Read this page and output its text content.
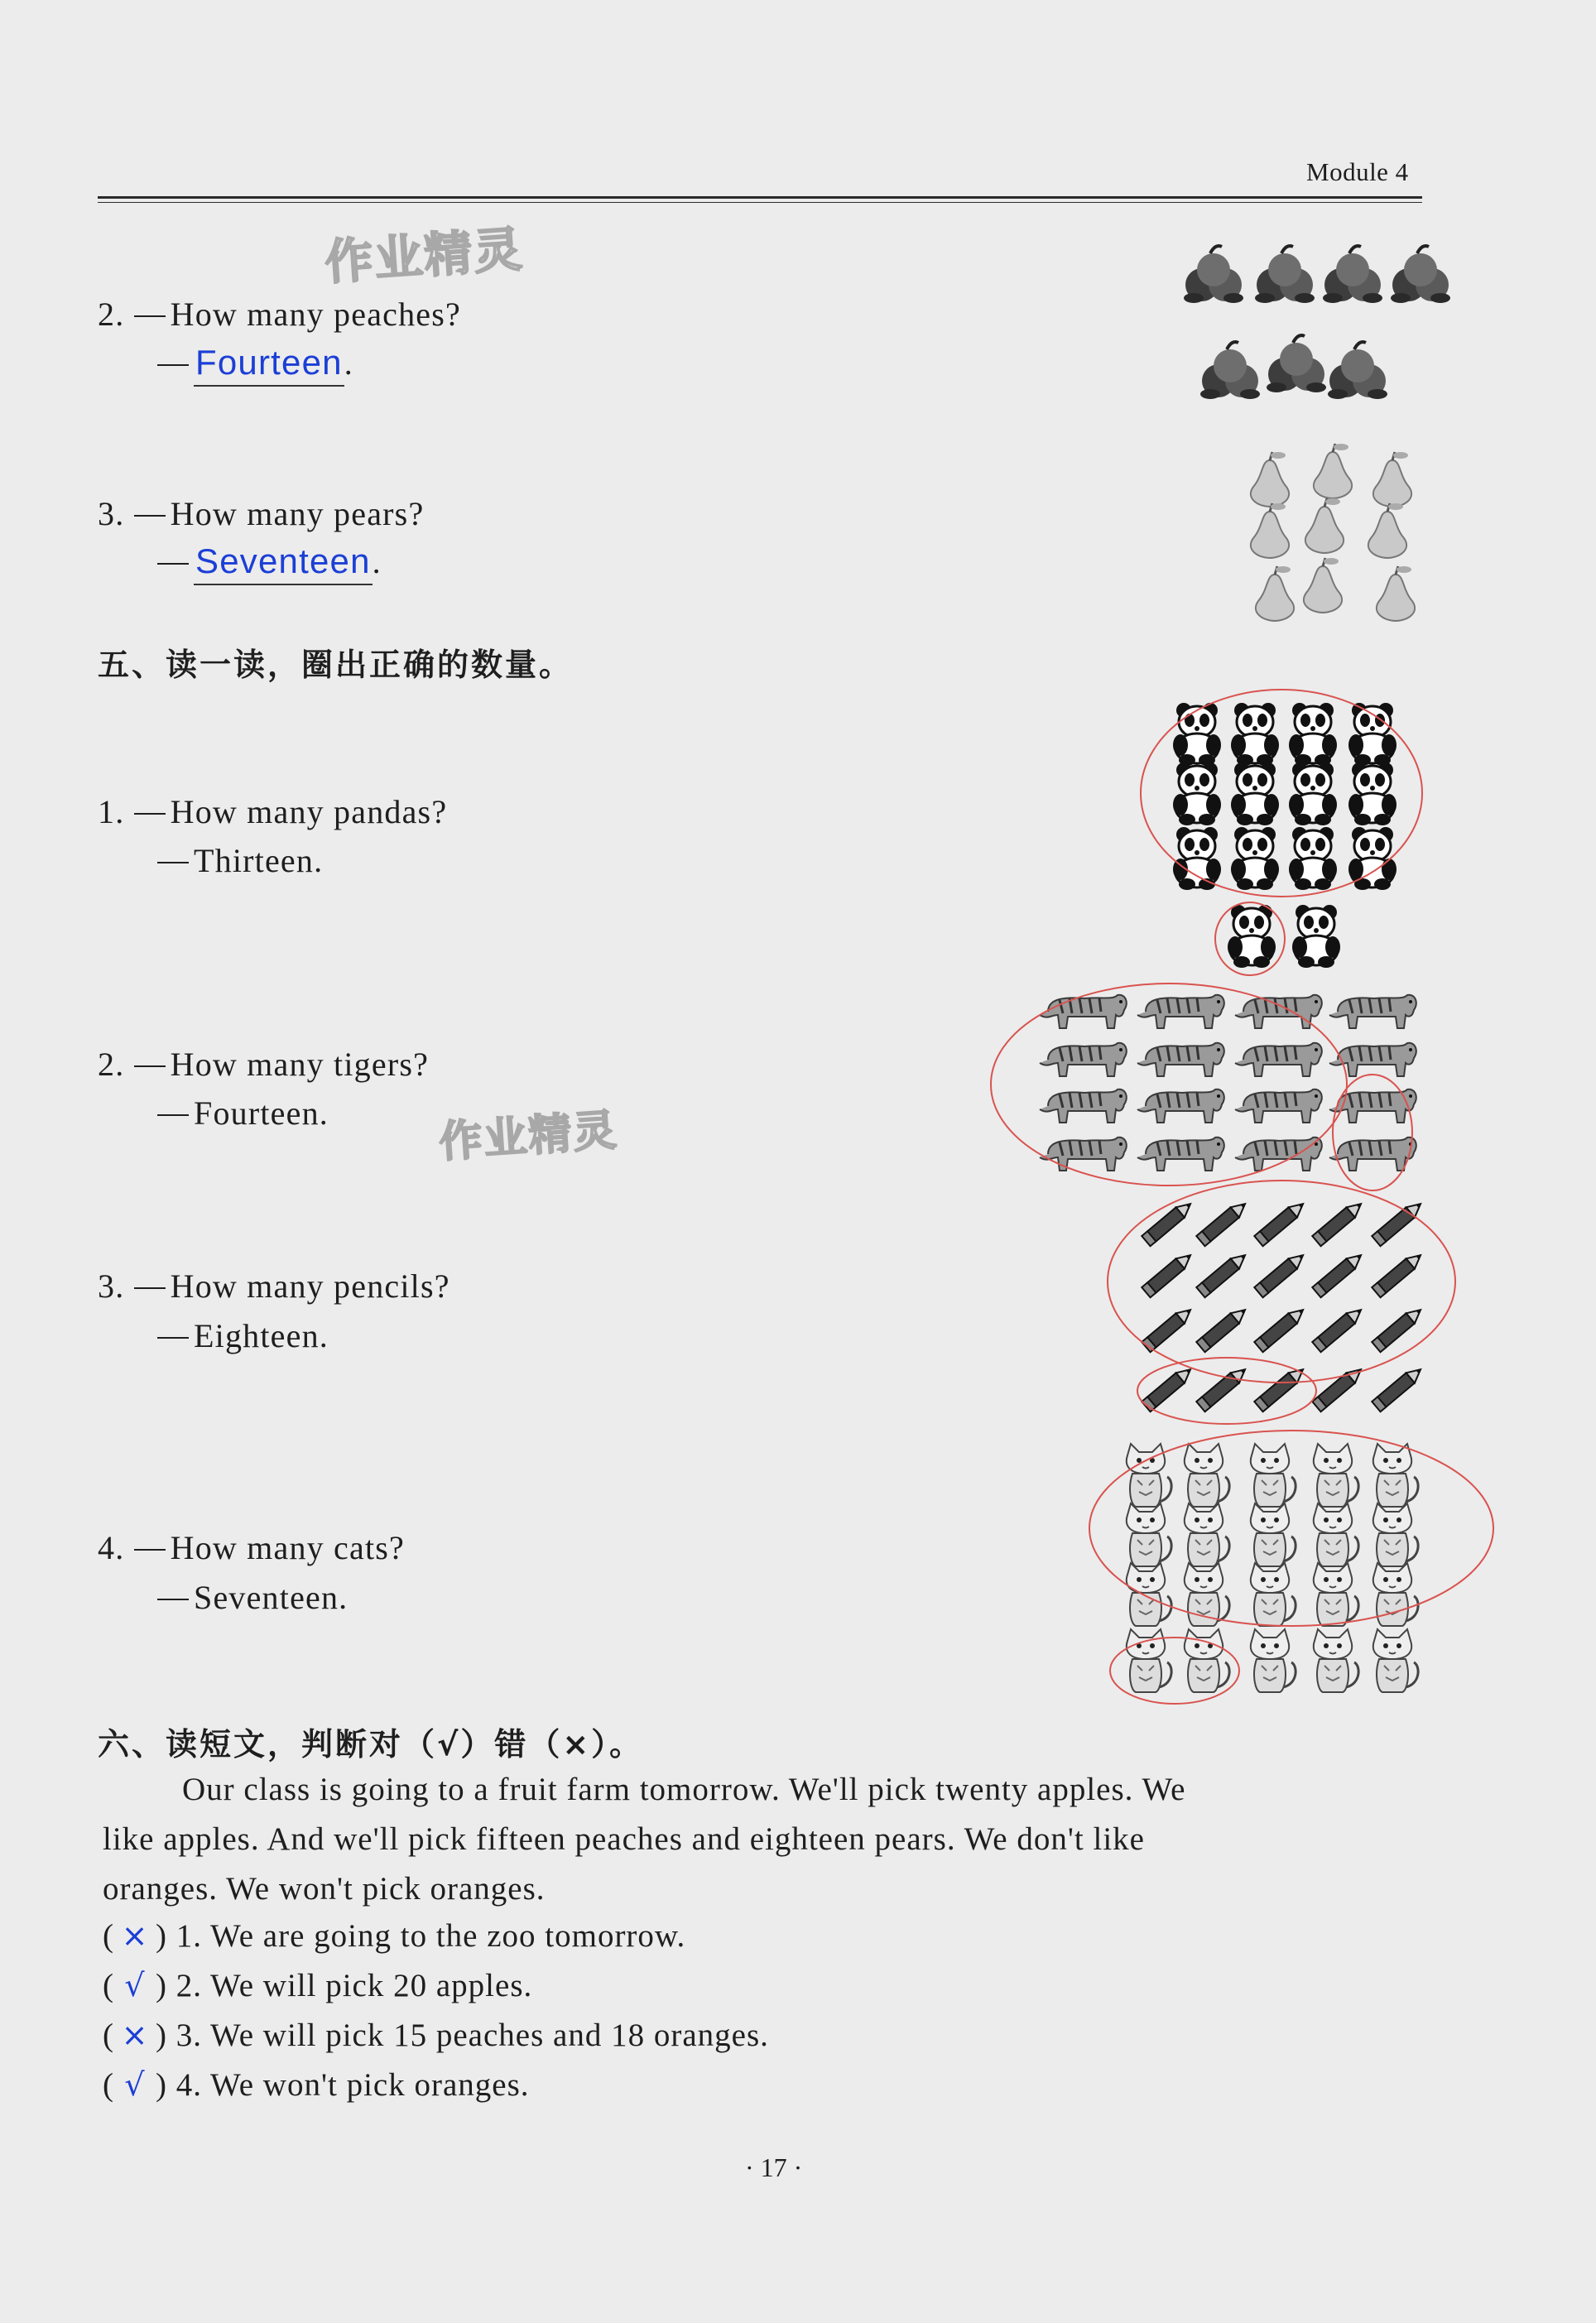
Module 4
作业精灵
作业精灵
2. How many peaches?
Fourteen.
3. How many pears?
Seventeen.
五、读一读，圈出正确的数量。
1. How many pandas?
Thirteen.
2. How many tigers?
Fourteen.
3. How many pencils?
Eighteen.
4. How many cats?
Seventeen.
六、读短文，判断对（√）错（×）。
Our class is going to a fruit farm tomorrow. We'll pick twenty apples. We
like apples. And we'll pick fifteen peaches and eighteen pears. We don't like
oranges. We won't pick oranges.
( × ) 1. We are going to the zoo tomorrow.
( √ ) 2. We will pick 20 apples.
( × ) 3. We will pick 15 peaches and 18 oranges.
( √ ) 4. We won't pick oranges.
· 17 ·
